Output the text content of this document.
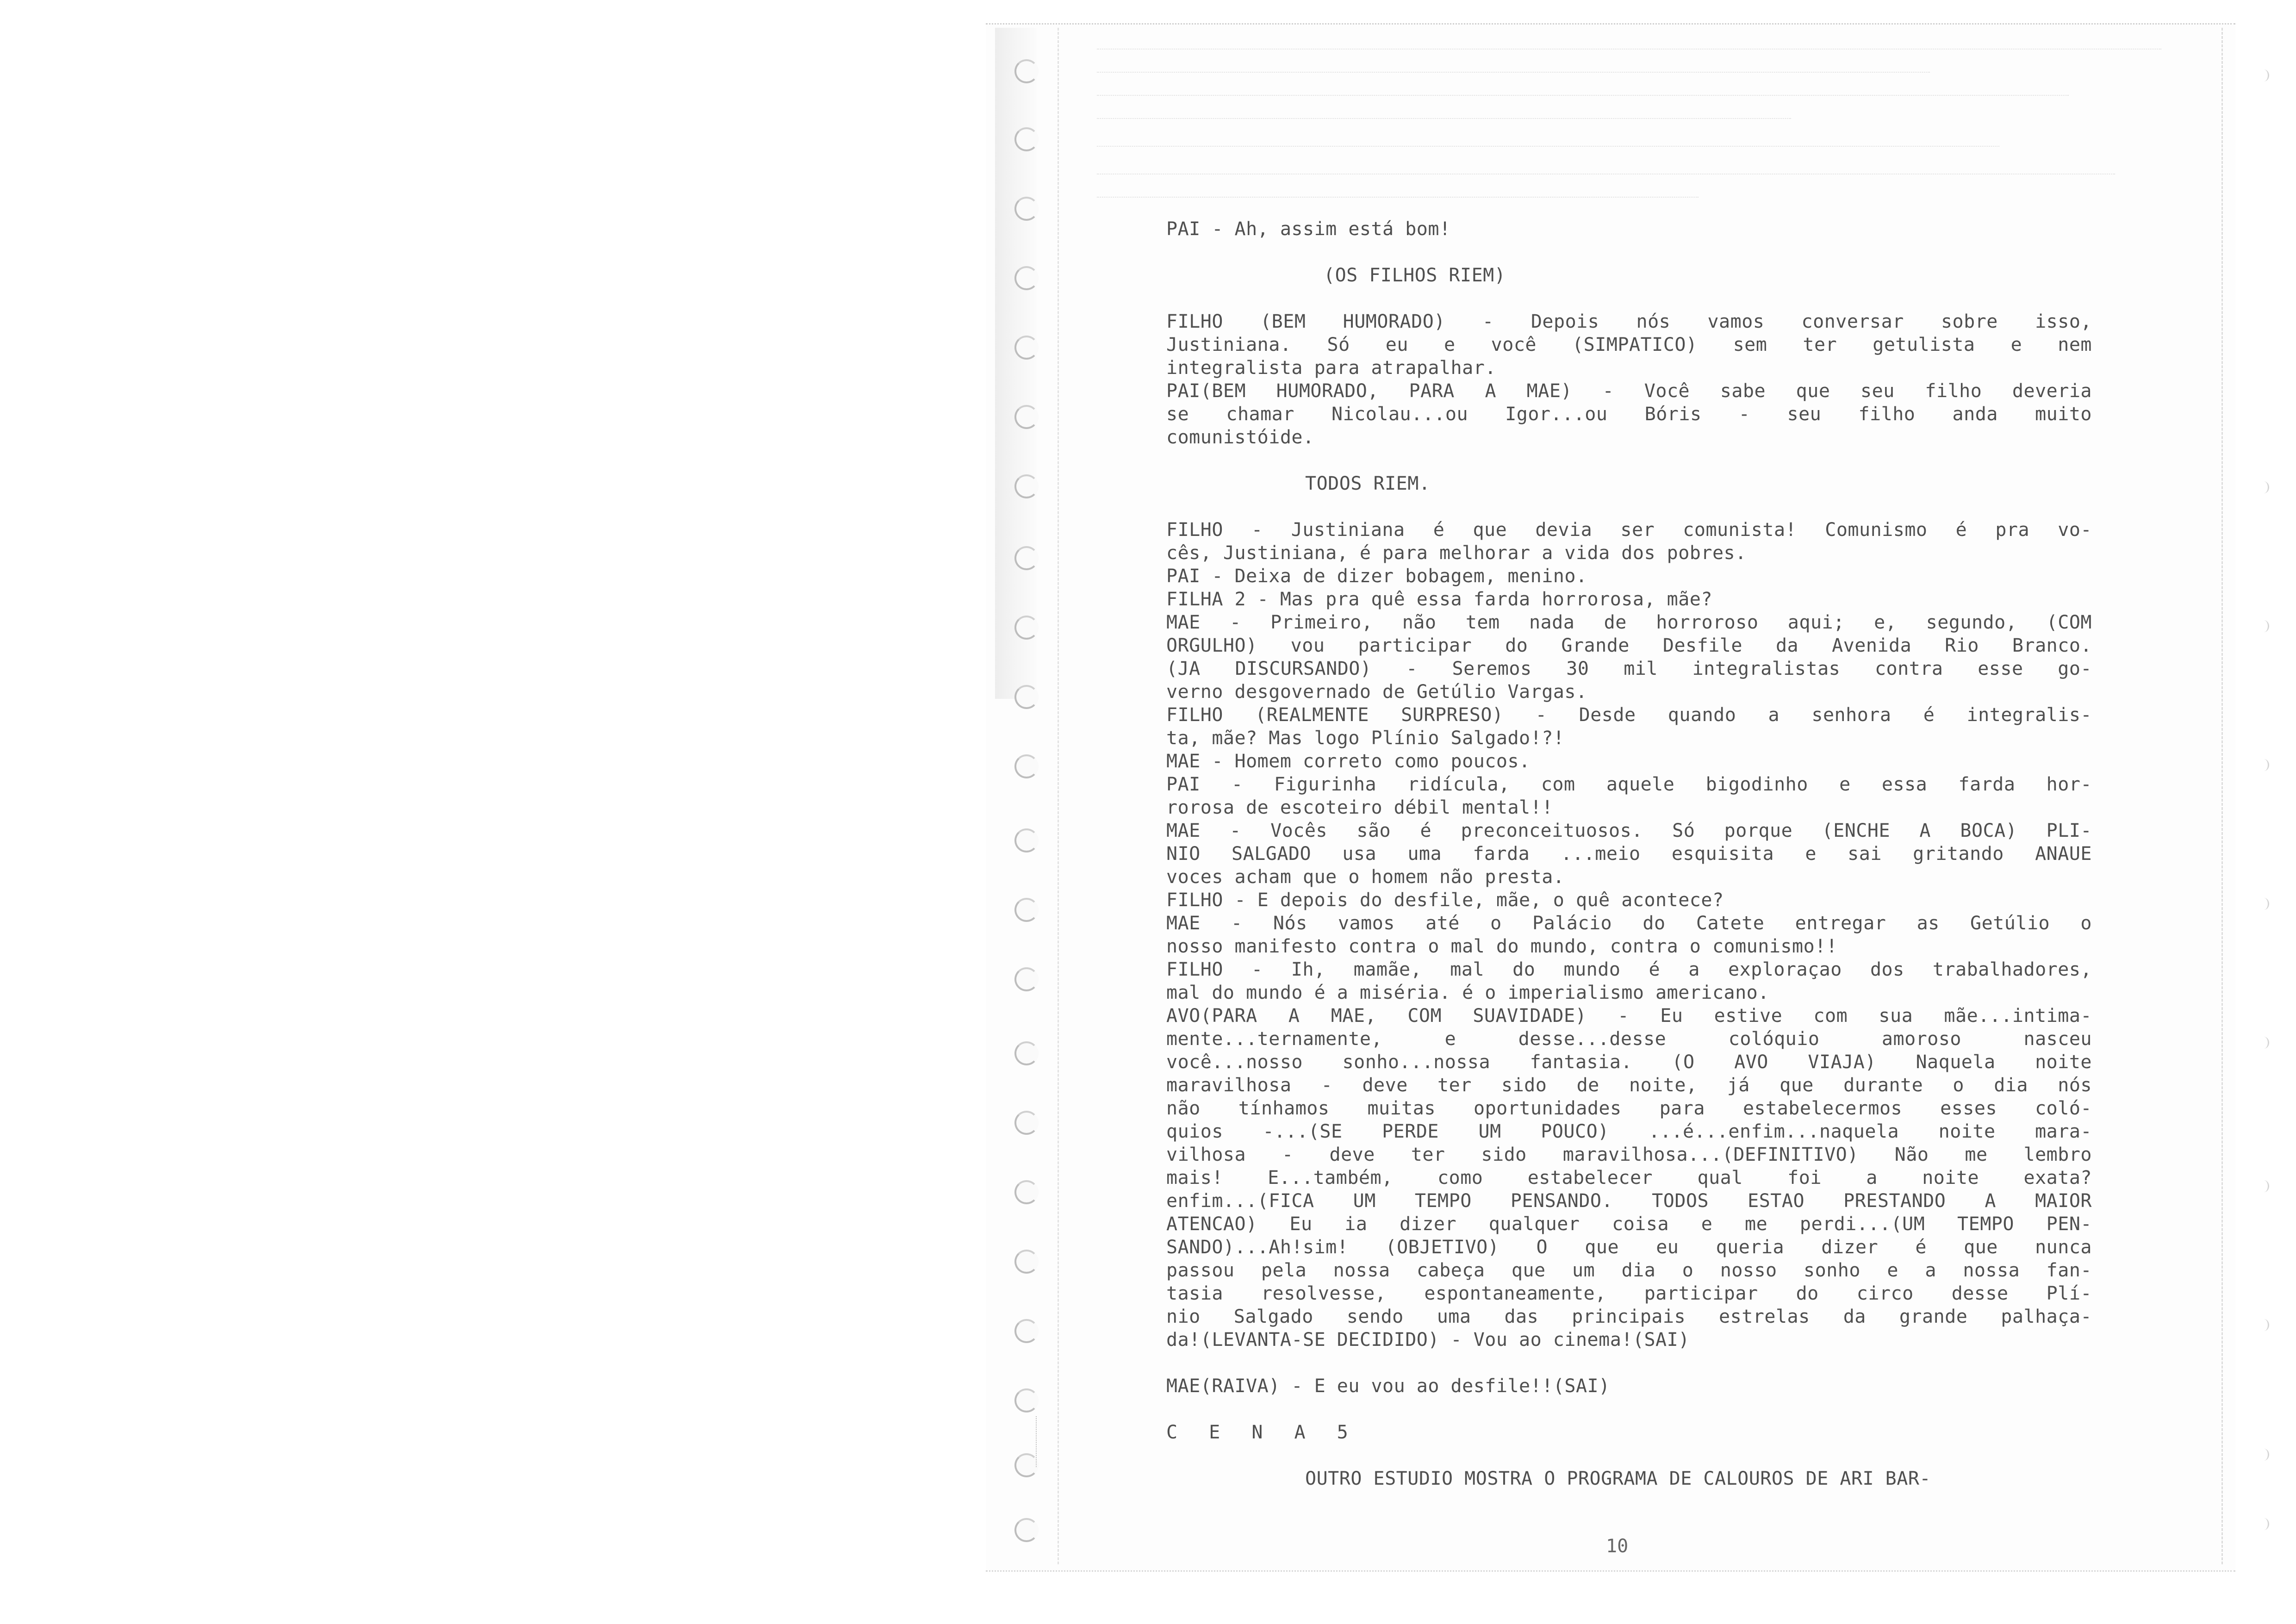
PAI - Ah, assim está bom!
(OS FILHOS RIEM)
FILHO (BEM HUMORADO) - Depois nós vamos conversar sobre isso,
Justiniana. Só eu e você (SIMPATICO) sem ter getulista e nem
integralista para atrapalhar.
PAI(BEM HUMORADO, PARA A MAE) - Você sabe que seu filho deveria
se chamar Nicolau...ou Igor...ou Bóris - seu filho anda muito
comunistóide.
TODOS RIEM.
FILHO - Justiniana é que devia ser comunista! Comunismo é pra vo-
cês, Justiniana, é para melhorar a vida dos pobres.
PAI - Deixa de dizer bobagem, menino.
FILHA 2 - Mas pra quê essa farda horrorosa, mãe?
MAE - Primeiro, não tem nada de horroroso aqui; e, segundo, (COM
ORGULHO) vou participar do Grande Desfile da Avenida Rio Branco.
(JA DISCURSANDO) - Seremos 30 mil integralistas contra esse go-
verno desgovernado de Getúlio Vargas.
FILHO (REALMENTE SURPRESO) - Desde quando a senhora é integralis-
ta, mãe? Mas logo Plínio Salgado!?!
MAE - Homem correto como poucos.
PAI - Figurinha ridícula, com aquele bigodinho e essa farda hor-
rorosa de escoteiro débil mental!!
MAE - Vocês são é preconceituosos. Só porque (ENCHE A BOCA) PLI-
NIO SALGADO usa uma farda ...meio esquisita e sai gritando ANAUE
voces acham que o homem não presta.
FILHO - E depois do desfile, mãe, o quê acontece?
MAE - Nós vamos até o Palácio do Catete entregar as Getúlio o
nosso manifesto contra o mal do mundo, contra o comunismo!!
FILHO - Ih, mamãe, mal do mundo é a exploraçao dos trabalhadores,
mal do mundo é a miséria. é o imperialismo americano.
AVO(PARA A MAE, COM SUAVIDADE) - Eu estive com sua mãe...intima-
mente...ternamente, e desse...desse colóquio amoroso nasceu
você...nosso sonho...nossa fantasia. (O AVO VIAJA) Naquela noite
maravilhosa - deve ter sido de noite, já que durante o dia nós
não tínhamos muitas oportunidades para estabelecermos esses coló-
quios -...(SE PERDE UM POUCO) ...é...enfim...naquela noite mara-
vilhosa - deve ter sido maravilhosa...(DEFINITIVO) Não me lembro
mais! E...também, como estabelecer qual foi a noite exata?
enfim...(FICA UM TEMPO PENSANDO. TODOS ESTAO PRESTANDO A MAIOR
ATENCAO) Eu ia dizer qualquer coisa e me perdi...(UM TEMPO PEN-
SANDO)...Ah!sim! (OBJETIVO) O que eu queria dizer é que nunca
passou pela nossa cabeça que um dia o nosso sonho e a nossa fan-
tasia resolvesse, espontaneamente, participar do circo desse Plí-
nio Salgado sendo uma das principais estrelas da grande palhaça-
da!(LEVANTA-SE DECIDIDO) - Vou ao cinema!(SAI)
MAE(RAIVA) - E eu vou ao desfile!!(SAI)
C E N A 5
OUTRO ESTUDIO MOSTRA O PROGRAMA DE CALOUROS DE ARI BAR-
10
